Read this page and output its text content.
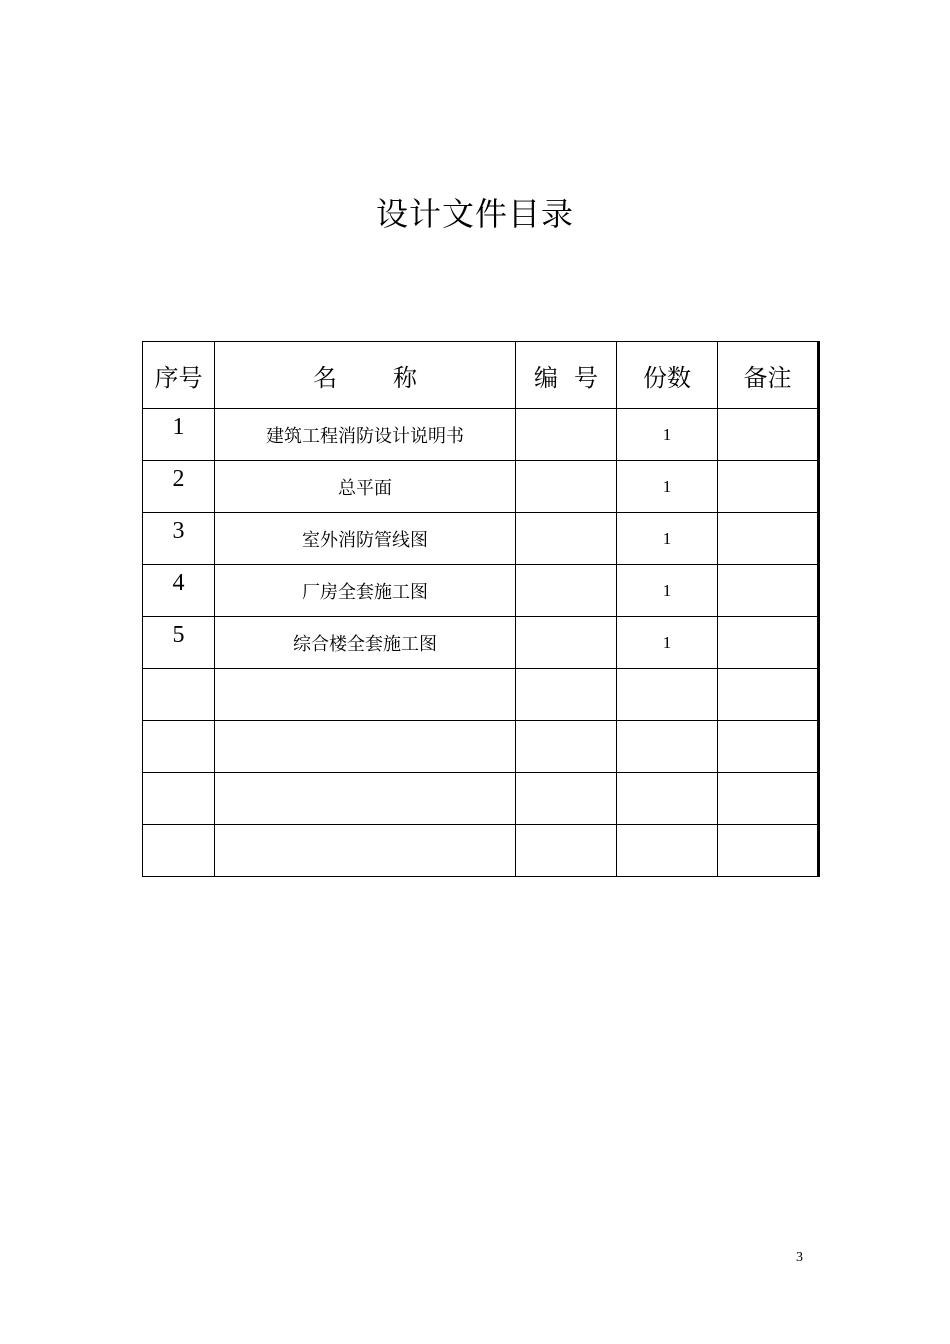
设计文件目录
序号	名 称	编 号	份数	备注
1	建筑工程消防设计说明书		1	
2	总平面		1	
3	室外消防管线图		1	
4	厂房全套施工图		1	
5	综合楼全套施工图		1	

3
